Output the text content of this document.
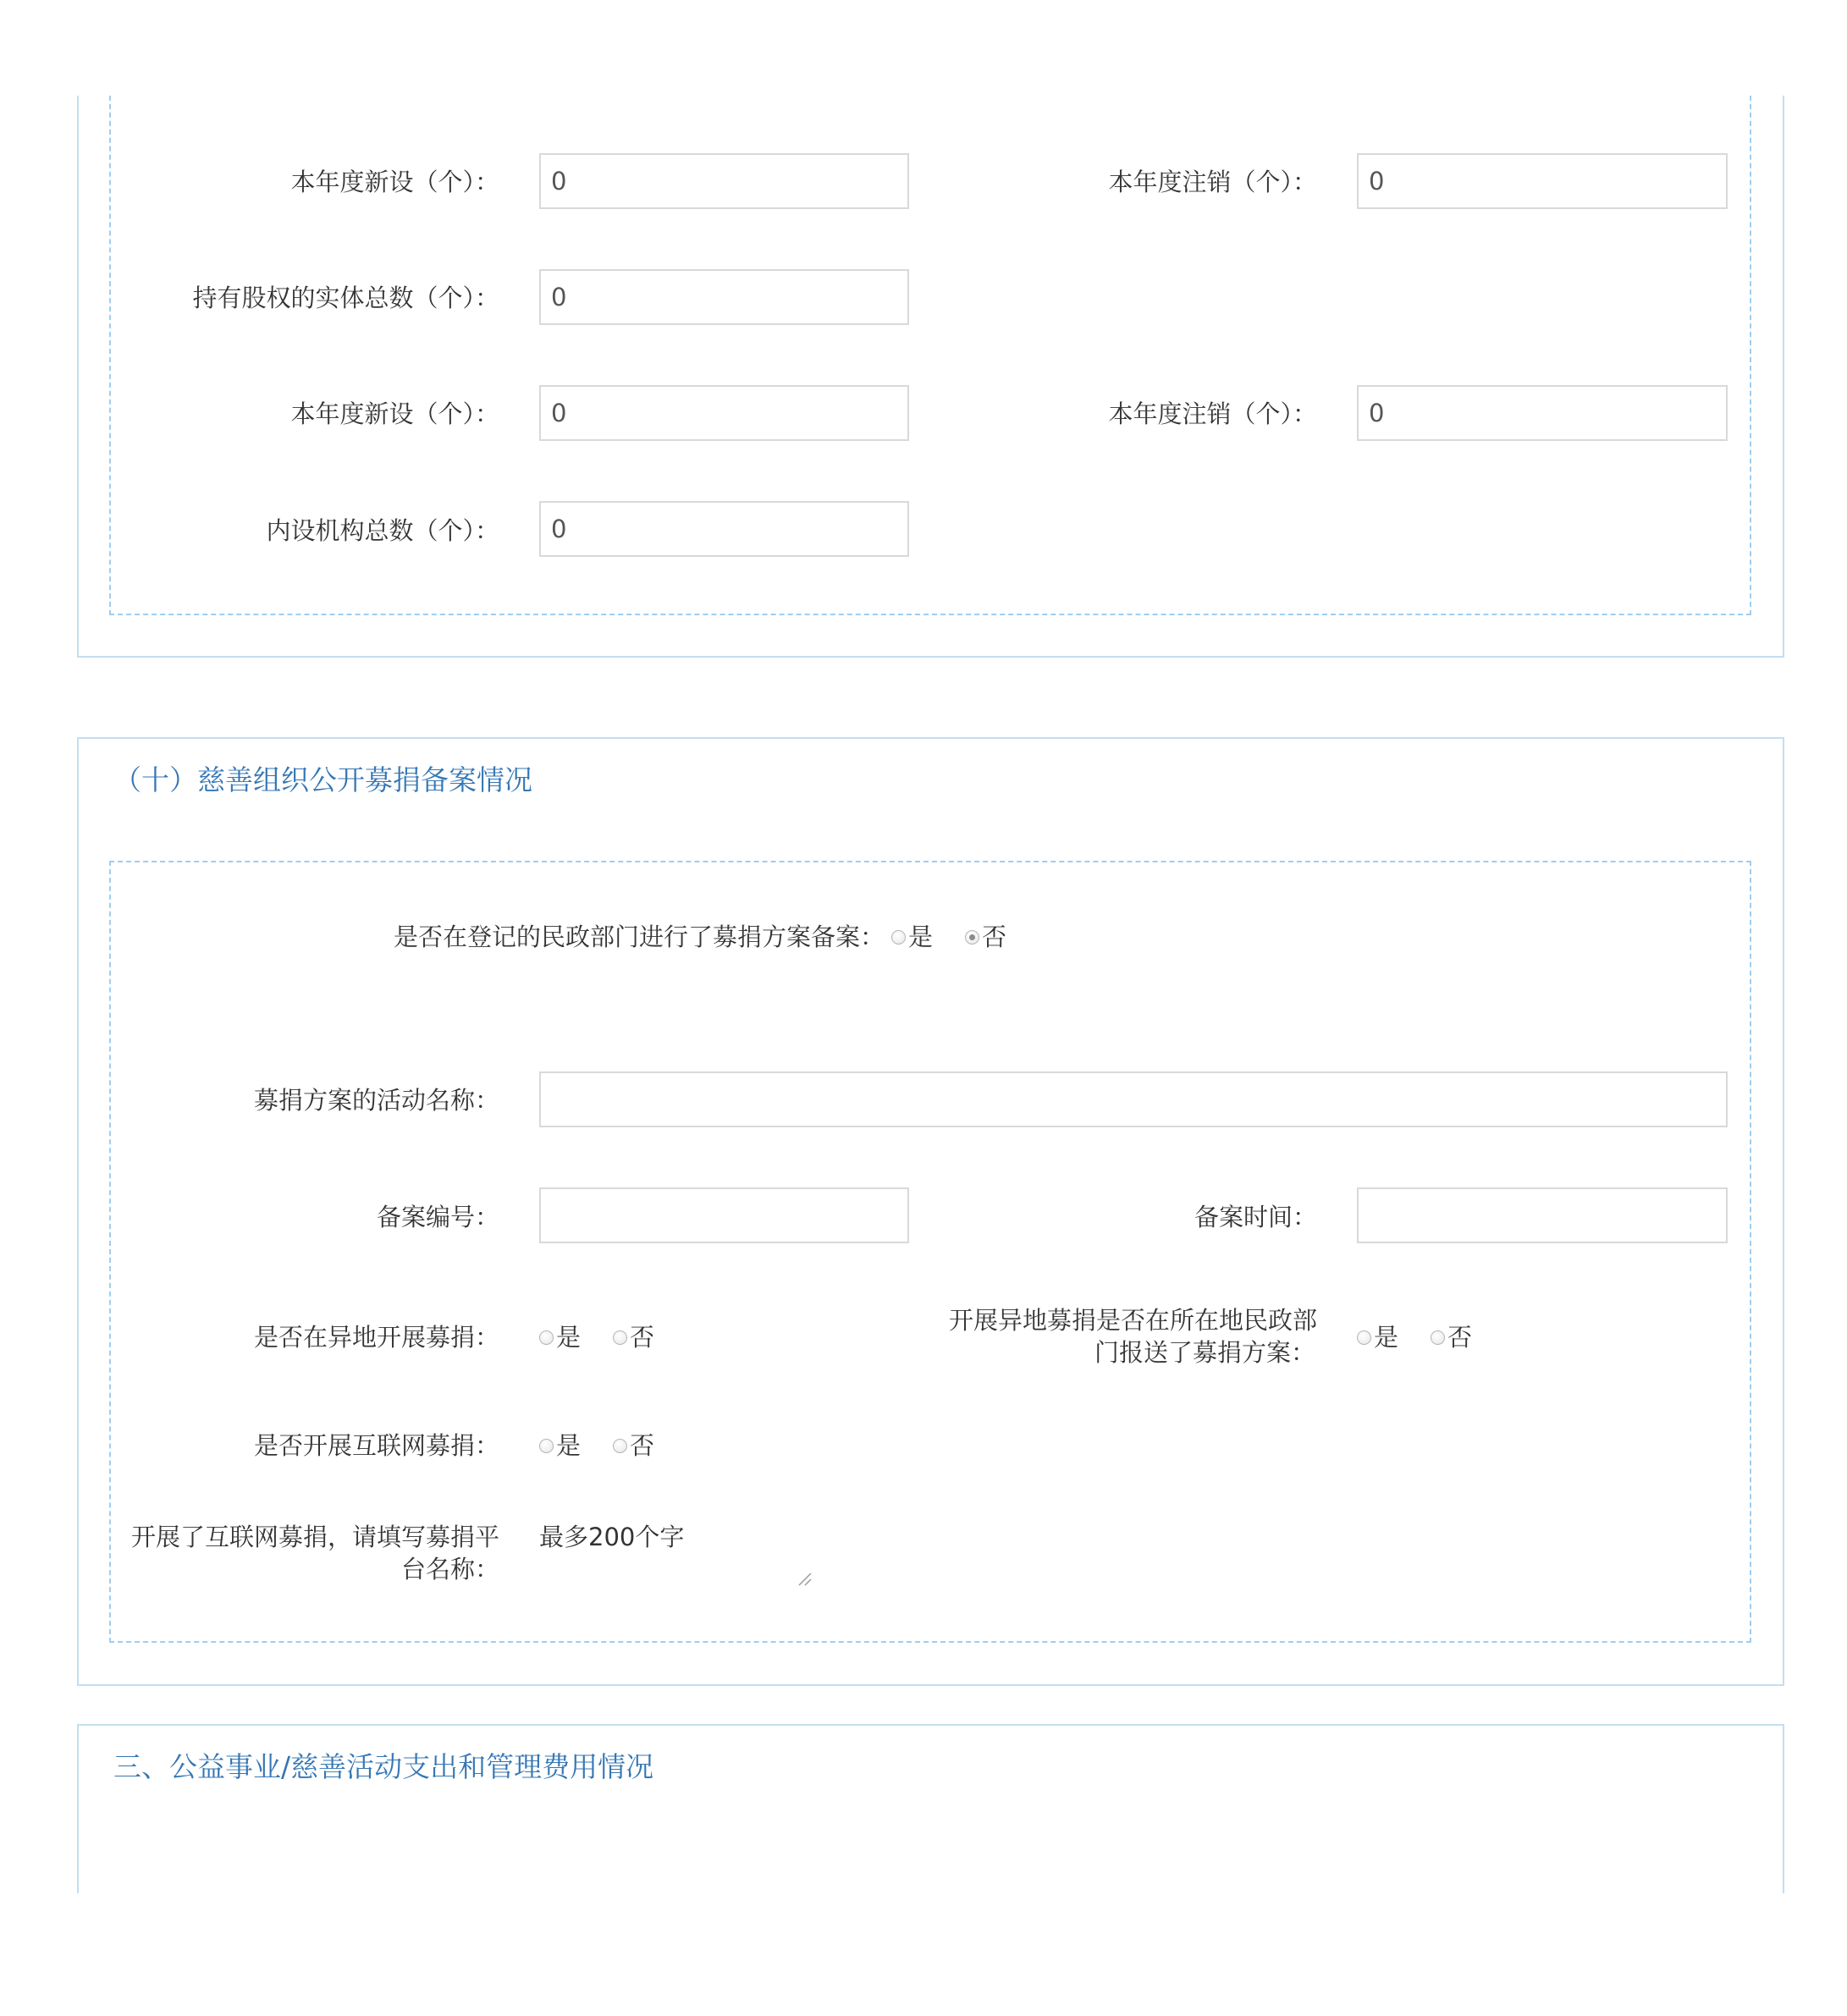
本年度新设（个）：	0	本年度注销（个）：	0
持有股权的实体总数（个）：	0
本年度新设（个）：	0	本年度注销（个）：	0
内设机构总数（个）：	0
（十）慈善组织公开募捐备案情况
是否在登记的民政部门进行了募捐方案备案： 是 否
募捐方案的活动名称：
备案编号：	备案时间：
是否在异地开展募捐： 是 否
开展异地募捐是否在所在地民政部
门报送了募捐方案：
是 否
是否开展互联网募捐： 是 否
开展了互联网募捐，请填写募捐平
台名称：
最多200个字
三、公益事业/慈善活动支出和管理费用情况
